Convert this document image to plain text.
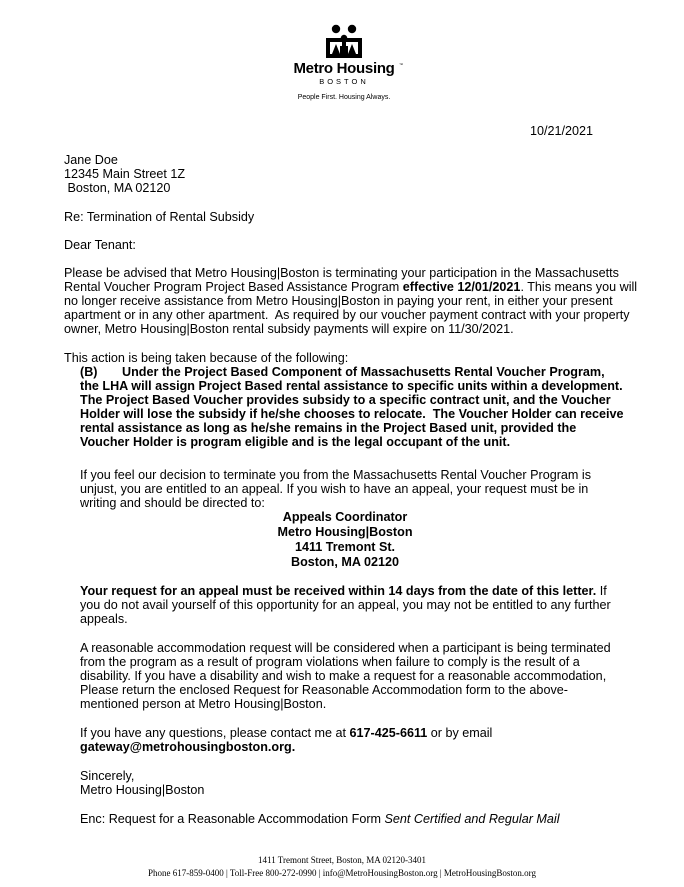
Metro Housing	™
BOSTON
People First. Housing Always.
10/21/2021
Jane Doe
12345 Main Street 1Z
Boston, MA 02120
Re: Termination of Rental Subsidy
Dear Tenant:
Please be advised that Metro Housing|Boston is terminating your participation in the Massachusetts
Rental Voucher Program Project Based Assistance Program effective 12/01/2021. This means you will
no longer receive assistance from Metro Housing|Boston in paying your rent, in either your present
apartment or in any other apartment.  As required by our voucher payment contract with your property
owner, Metro Housing|Boston rental subsidy payments will expire on 11/30/2021.
This action is being taken because of the following:
(B)       Under the Project Based Component of Massachusetts Rental Voucher Program,
the LHA will assign Project Based rental assistance to specific units within a development.
The Project Based Voucher provides subsidy to a specific contract unit, and the Voucher
Holder will lose the subsidy if he/she chooses to relocate.  The Voucher Holder can receive
rental assistance as long as he/she remains in the Project Based unit, provided the
Voucher Holder is program eligible and is the legal occupant of the unit.
If you feel our decision to terminate you from the Massachusetts Rental Voucher Program is
unjust, you are entitled to an appeal. If you wish to have an appeal, your request must be in
writing and should be directed to:
Appeals Coordinator
Metro Housing|Boston
1411 Tremont St.
Boston, MA 02120
Your request for an appeal must be received within 14 days from the date of this letter. If
you do not avail yourself of this opportunity for an appeal, you may not be entitled to any further
appeals.
A reasonable accommodation request will be considered when a participant is being terminated
from the program as a result of program violations when failure to comply is the result of a
disability. If you have a disability and wish to make a request for a reasonable accommodation,
Please return the enclosed Request for Reasonable Accommodation form to the above-
mentioned person at Metro Housing|Boston.
If you have any questions, please contact me at 617-425-6611 or by email
gateway@metrohousingboston.org.
Sincerely,
Metro Housing|Boston
Enc: Request for a Reasonable Accommodation Form Sent Certified and Regular Mail
1411 Tremont Street, Boston, MA 02120-3401
Phone 617-859-0400 | Toll-Free 800-272-0990 | info@MetroHousingBoston.org | MetroHousingBoston.org
